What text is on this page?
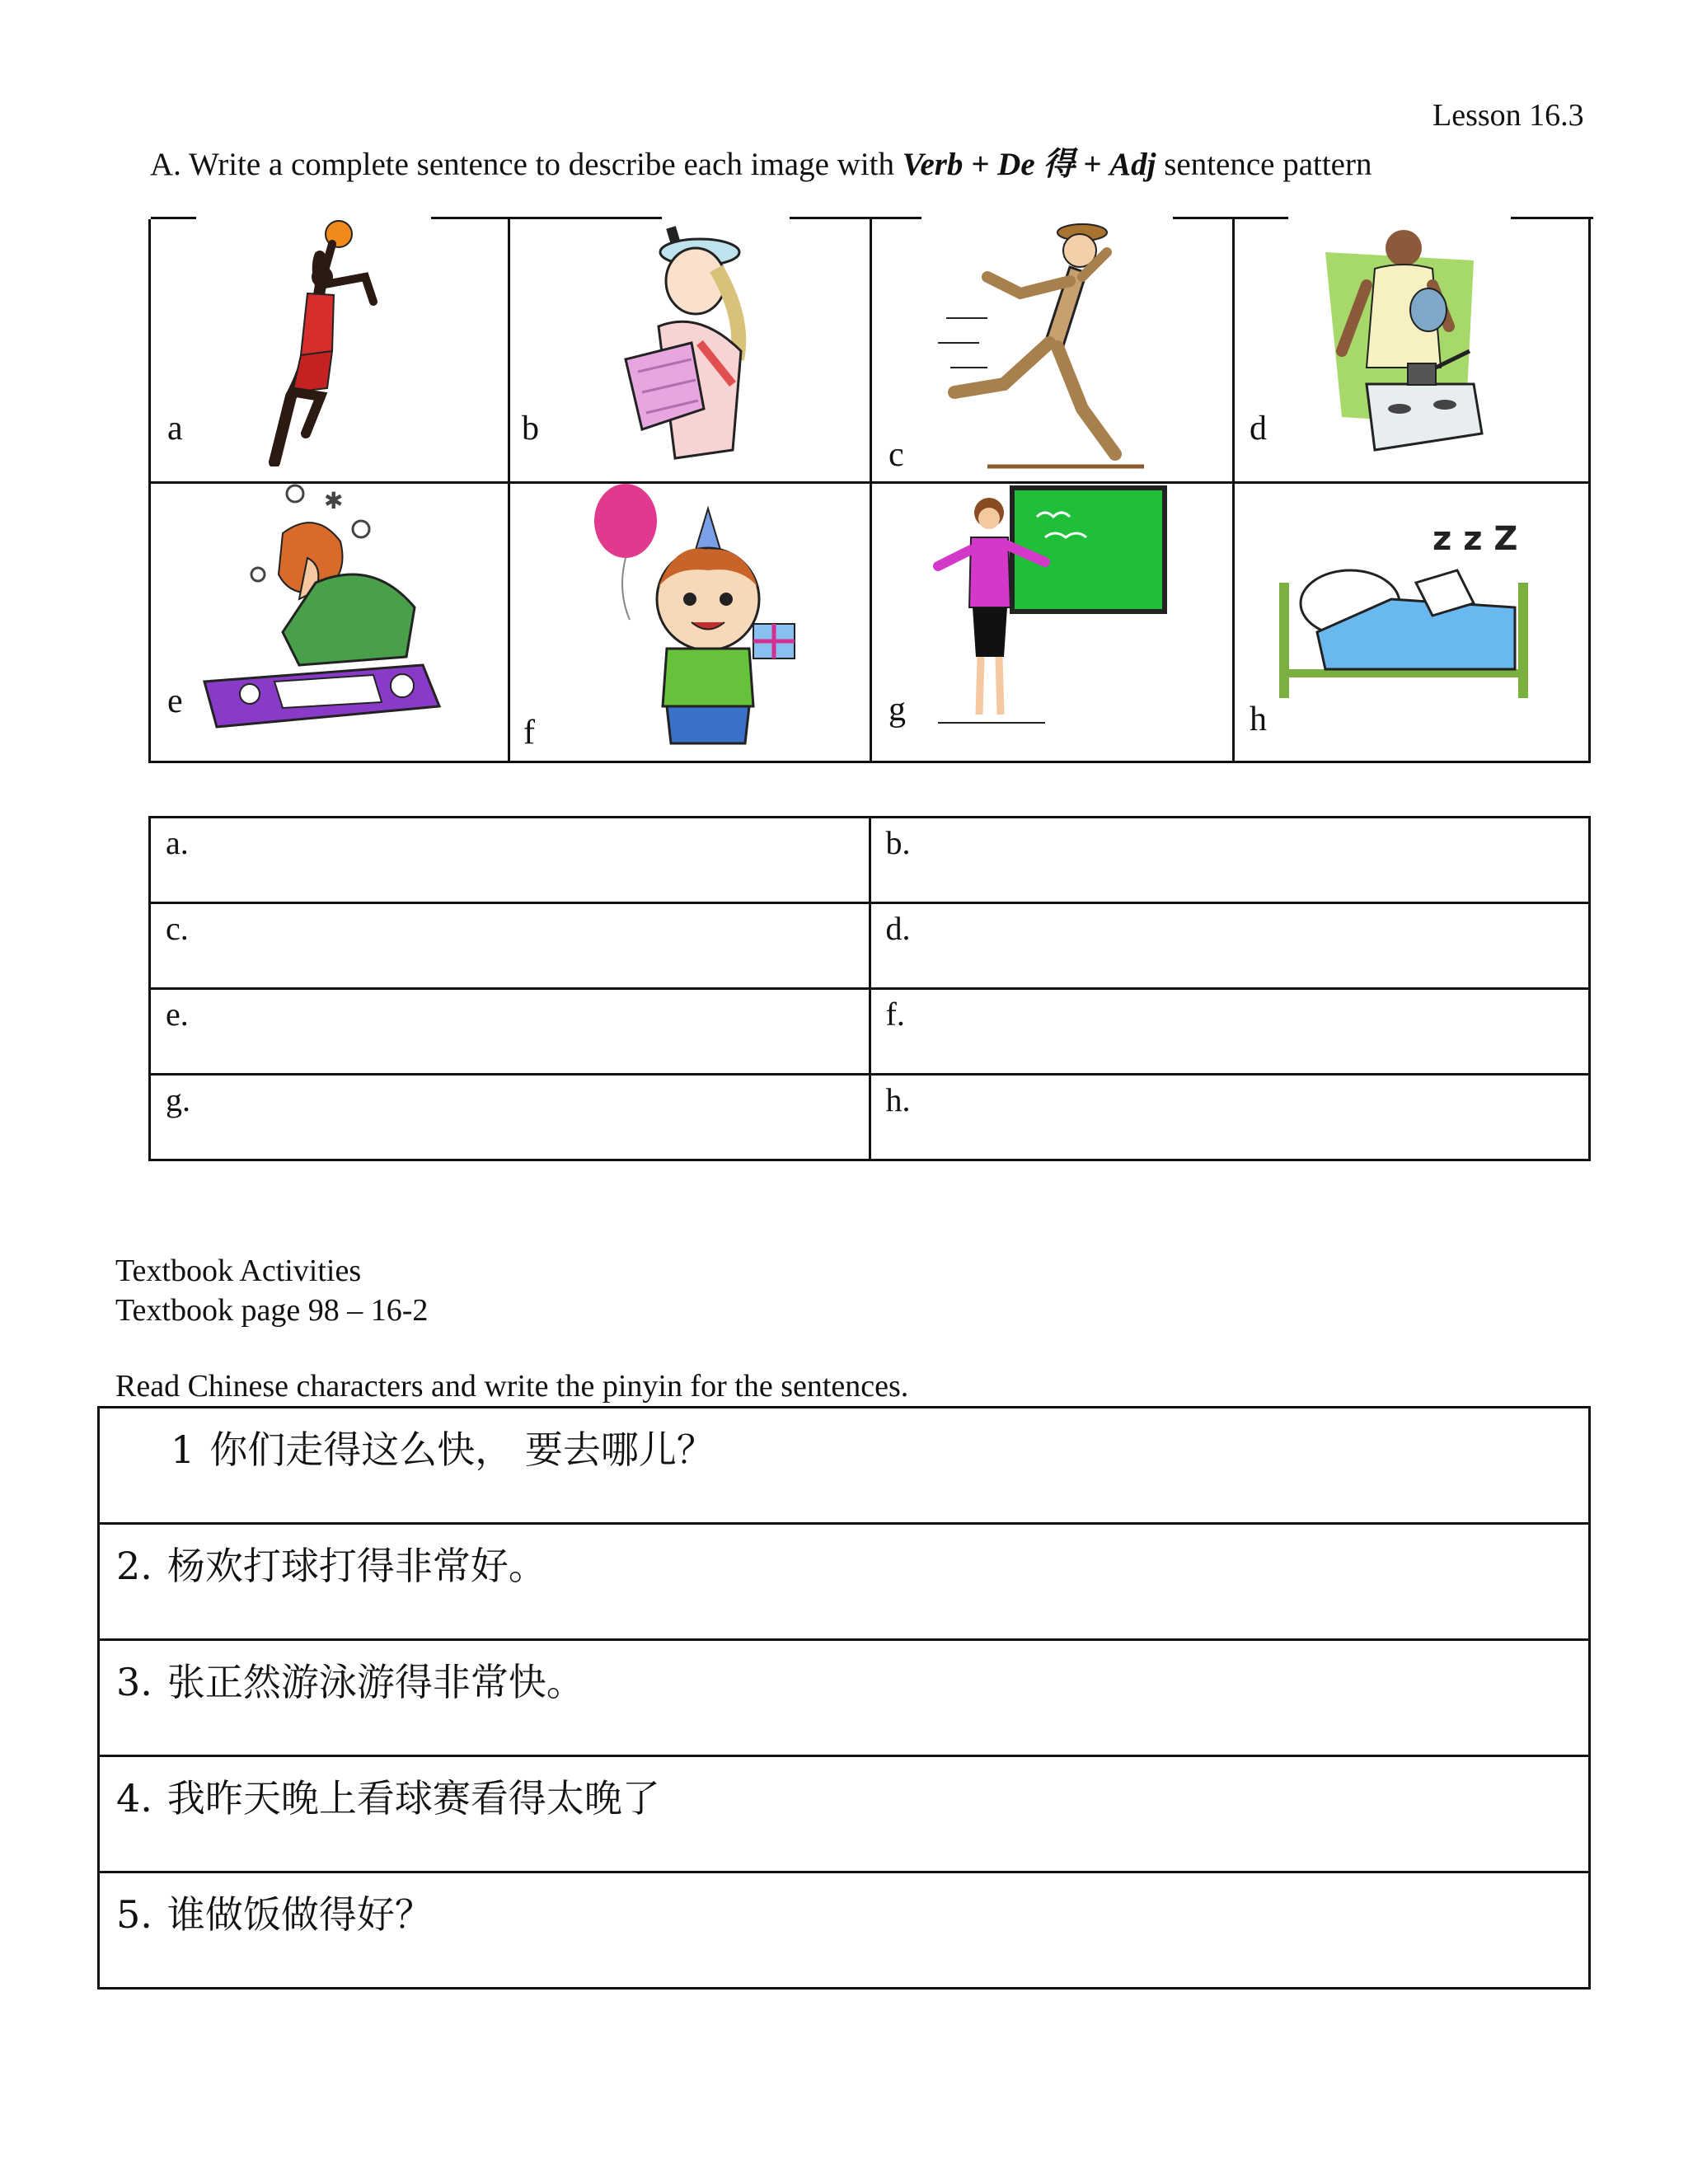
Lesson 16.3
A. Write a complete sentence to describe each image with Verb + De 得 + Adj sentence pattern
a	b
c
d
✱
e
f
g
z z Z
h
a.	b.
c.	d.
e.	f.
g.	h.
Textbook Activities
Textbook page 98 – 16-2
Read Chinese characters and write the pinyin for the sentences.
1 你们走得这么快， 要去哪儿？
2. 杨欢打球打得非常好。
3. 张正然游泳游得非常快。
4. 我昨天晚上看球赛看得太晚了
5. 谁做饭做得好？
